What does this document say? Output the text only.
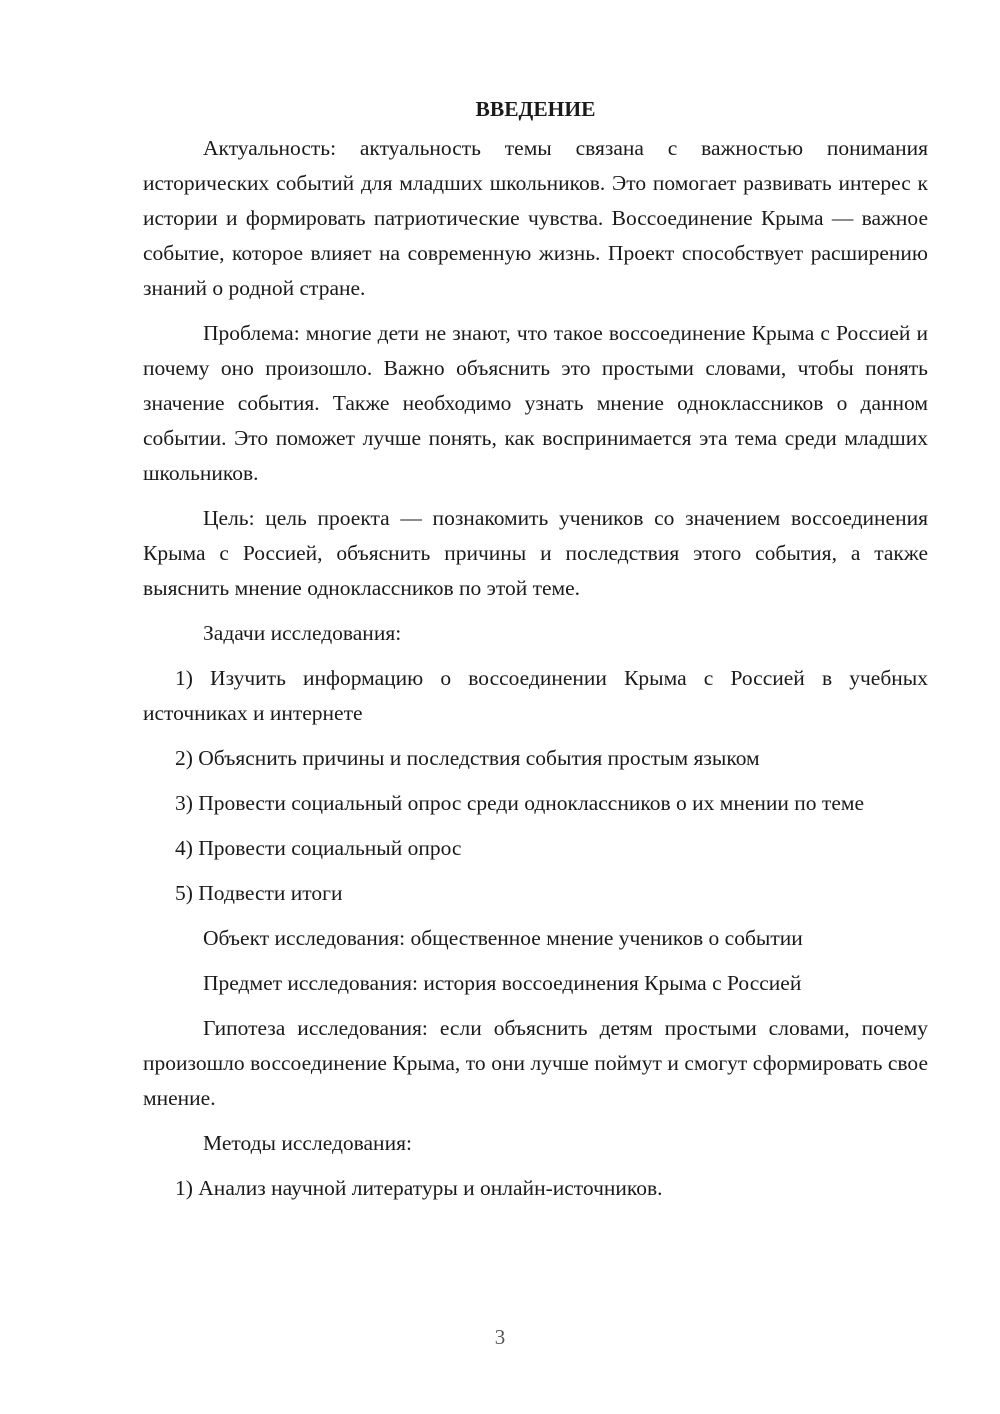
ВВЕДЕНИЕ

Актуальность: актуальность темы связана с важностью понимания исторических событий для младших школьников. Это помогает развивать интерес к истории и формировать патриотические чувства. Воссоединение Крыма — важное событие, которое влияет на современную жизнь. Проект способствует расширению знаний о родной стране.

Проблема: многие дети не знают, что такое воссоединение Крыма с Россией и почему оно произошло. Важно объяснить это простыми словами, чтобы понять значение события. Также необходимо узнать мнение одноклассников о данном событии. Это поможет лучше понять, как воспринимается эта тема среди младших школьников.

Цель: цель проекта — познакомить учеников со значением воссоединения Крыма с Россией, объяснить причины и последствия этого события, а также выяснить мнение одноклассников по этой теме.

Задачи исследования:

1) Изучить информацию о воссоединении Крыма с Россией в учебных источниках и интернете

2) Объяснить причины и последствия события простым языком

3) Провести социальный опрос среди одноклассников о их мнении по теме

4) Провести социальный опрос

5) Подвести итоги

Объект исследования: общественное мнение учеников о событии

Предмет исследования: история воссоединения Крыма с Россией

Гипотеза исследования: если объяснить детям простыми словами, почему произошло воссоединение Крыма, то они лучше поймут и смогут сформировать свое мнение.

Методы исследования:

1) Анализ научной литературы и онлайн-источников.

3
